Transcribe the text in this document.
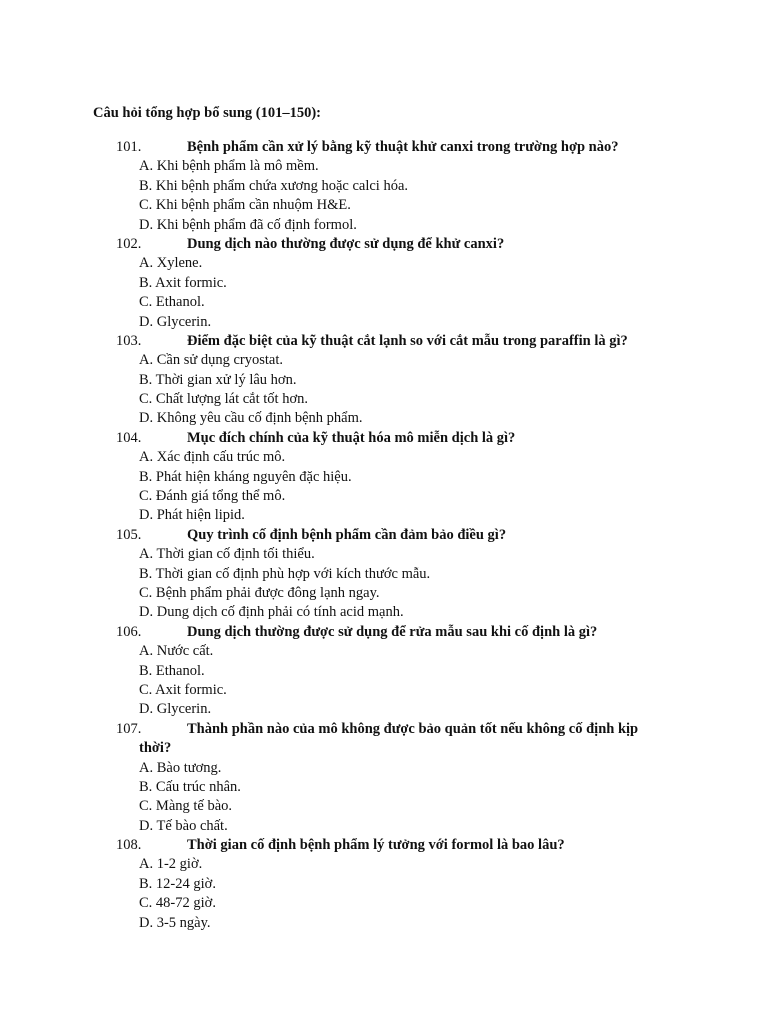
Câu hỏi tổng hợp bổ sung (101–150):
101.	Bệnh phẩm cần xử lý bằng kỹ thuật khử canxi trong trường hợp nào?
A. Khi bệnh phẩm là mô mềm.
B. Khi bệnh phẩm chứa xương hoặc calci hóa.
C. Khi bệnh phẩm cần nhuộm H&E.
D. Khi bệnh phẩm đã cố định formol.
102.	Dung dịch nào thường được sử dụng để khử canxi?
A. Xylene.
B. Axit formic.
C. Ethanol.
D. Glycerin.
103.	Điểm đặc biệt của kỹ thuật cắt lạnh so với cắt mẫu trong paraffin là gì?
A. Cần sử dụng cryostat.
B. Thời gian xử lý lâu hơn.
C. Chất lượng lát cắt tốt hơn.
D. Không yêu cầu cố định bệnh phẩm.
104.	Mục đích chính của kỹ thuật hóa mô miễn dịch là gì?
A. Xác định cấu trúc mô.
B. Phát hiện kháng nguyên đặc hiệu.
C. Đánh giá tổng thể mô.
D. Phát hiện lipid.
105.	Quy trình cố định bệnh phẩm cần đảm bảo điều gì?
A. Thời gian cố định tối thiểu.
B. Thời gian cố định phù hợp với kích thước mẫu.
C. Bệnh phẩm phải được đông lạnh ngay.
D. Dung dịch cố định phải có tính acid mạnh.
106.	Dung dịch thường được sử dụng để rửa mẫu sau khi cố định là gì?
A. Nước cất.
B. Ethanol.
C. Axit formic.
D. Glycerin.
107.	Thành phần nào của mô không được bảo quản tốt nếu không cố định kịp
thời?
A. Bào tương.
B. Cấu trúc nhân.
C. Màng tế bào.
D. Tế bào chất.
108.	Thời gian cố định bệnh phẩm lý tưởng với formol là bao lâu?
A. 1-2 giờ.
B. 12-24 giờ.
C. 48-72 giờ.
D. 3-5 ngày.
